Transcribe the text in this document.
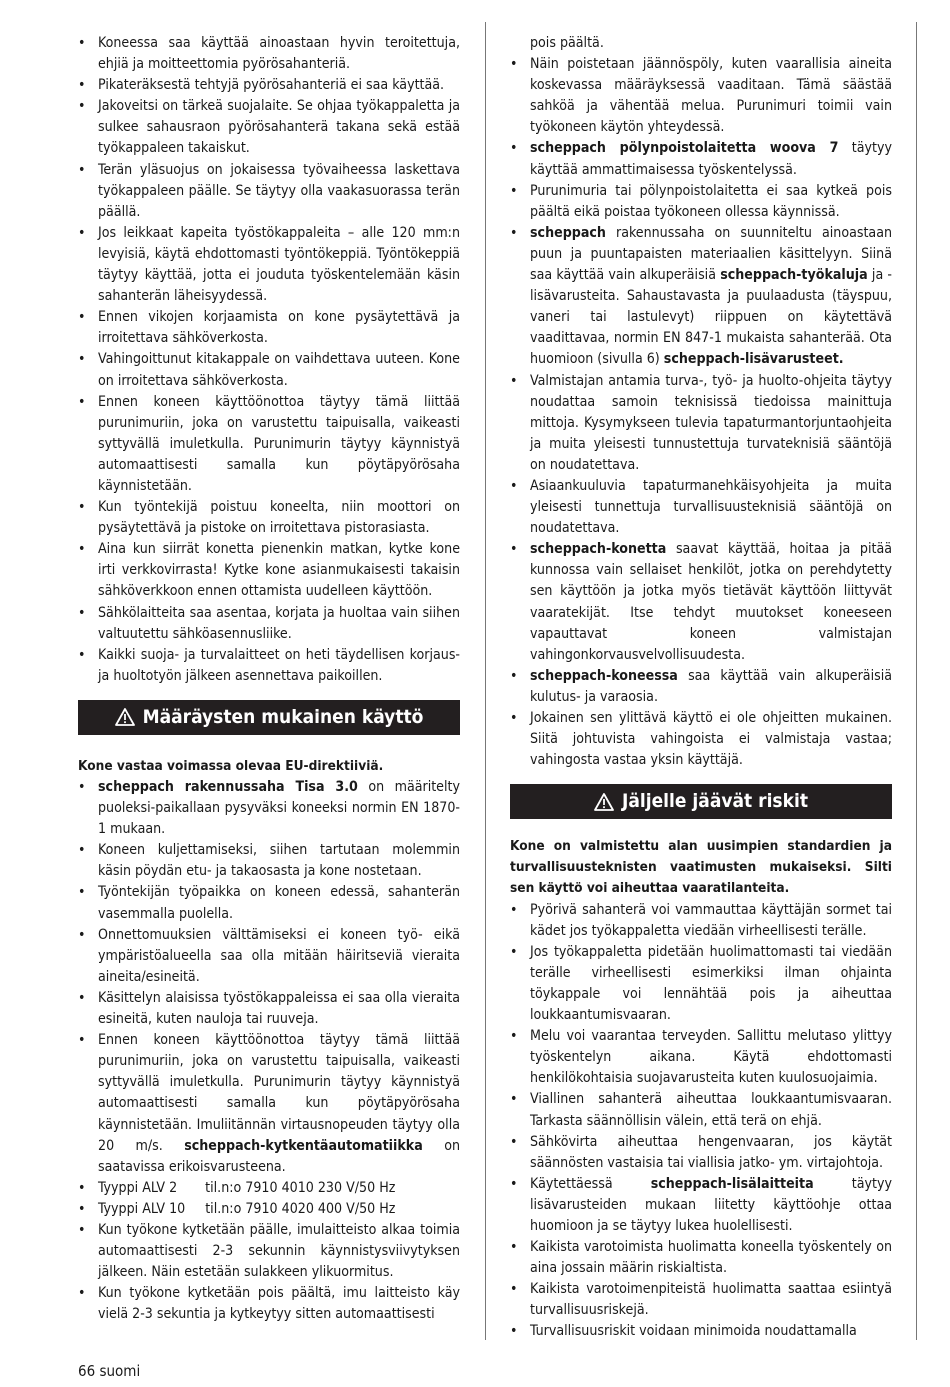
• Koneessa saa käyttää ainoastaan hyvin teroitettuja, ehjiä ja moitteettomia pyörösahanteriä.
• Pikateräksestä tehtyjä pyörösahanteriä ei saa käyttää.
• Jakoveitsi on tärkeä suojalaite. Se ohjaa työkappaletta ja sulkee sahausraon pyörösahanterä takana sekä estää työkappaleen takaiskut.
• Terän yläsuojus on jokaisessa työvaiheessa laskettava työkappaleen päälle. Se täytyy olla vaakasuorassa terän päällä.
• Jos leikkaat kapeita työstökappaleita – alle 120 mm:n levyisiä, käytä ehdottomasti työntökeppiä. Työntökeppiä täytyy käyttää, jotta ei jouduta työskentelemään käsin sahanterän läheisyydessä.
• Ennen vikojen korjaamista on kone pysäytettävä ja irroitettava sähköverkosta.
• Vahingoittunut kitakappale on vaihdettava uuteen. Kone on irroitettava sähköverkosta.
• Ennen koneen käyttöönottoa täytyy tämä liittää purunimuriin, joka on varustettu taipuisalla, vaikeasti syttyvällä imuletkulla. Purunimurin täytyy käynnistyä automaattisesti samalla kun pöytäpyörösaha käynnistetään.
• Kun työntekijä poistuu koneelta, niin moottori on pysäytettävä ja pistoke on irroitettava pistorasiasta.
• Aina kun siirrät konetta pienenkin matkan, kytke kone irti verkkovirrasta! Kytke kone asianmukaisesti takaisin sähköverkkoon ennen ottamista uudelleen käyttöön.
• Sähkölaitteita saa asentaa, korjata ja huoltaa vain siihen valtuutettu sähköasennusliike.
• Kaikki suoja- ja turvalaitteet on heti täydellisen korjaus- ja huoltotyön jälkeen asennettava paikoillen.
Määräysten mukainen käyttö
Kone vastaa voimassa olevaa EU-direktiiviä.
• scheppach rakennussaha Tisa 3.0 on määritelty puoleksi-paikallaan pysyväksi koneeksi normin EN 1870-1 mukaan.
• Koneen kuljettamiseksi, siihen tartutaan molemmin käsin pöydän etu- ja takaosasta ja kone nostetaan.
• Työntekijän työpaikka on koneen edessä, sahanterän vasemmalla puolella.
• Onnettomuuksien välttämiseksi ei koneen työ- eikä ympäristöalueella saa olla mitään häiritseviä vieraita aineita/esineitä.
• Käsittelyn alaisissa työstökappaleissa ei saa olla vieraita esineitä, kuten nauloja tai ruuveja.
• Ennen koneen käyttöönottoa täytyy tämä liittää purunimuriin, joka on varustettu taipuisalla, vaikeasti syttyvällä imuletkulla. Purunimurin täytyy käynnistyä automaattisesti samalla kun pöytäpyörösaha käynnistetään. Imuliitännän virtausnopeuden täytyy olla 20 m/s. scheppach-kytkentäautomatiikka on saatavissa erikoisvarusteena.
• Tyyppi ALV 2 til.n:o 7910 4010 230 V/50 Hz
• Tyyppi ALV 10 til.n:o 7910 4020 400 V/50 Hz
• Kun työkone kytketään päälle, imulaitteisto alkaa toimia automaattisesti 2-3 sekunnin käynnistysviivytyksen jälkeen. Näin estetään sulakkeen ylikuormitus.
• Kun työkone kytketään pois päältä, imu laitteisto käy vielä 2-3 sekuntia ja kytkeytyy sitten automaattisesti
pois päältä.
• Näin poistetaan jäännöspöly, kuten vaarallisia aineita koskevassa määräyksessä vaaditaan. Tämä säästää sahköä ja vähentää melua. Purunimuri toimii vain työkoneen käytön yhteydessä.
• scheppach pölynpoistolaitetta woova 7 täytyy käyttää ammattimaisessa työskentelyssä.
• Purunimuria tai pölynpoistolaitetta ei saa kytkeä pois päältä eikä poistaa työkoneen ollessa käynnissä.
• scheppach rakennussaha on suunniteltu ainoastaan puun ja puuntapaisten materiaalien käsittelyyn. Siinä saa käyttää vain alkuperäisiä scheppach-työkaluja ja -lisävarusteita. Sahaustavasta ja puulaadusta (täyspuu, vaneri tai lastulevyt) riippuen on käytettävä vaadittavaa, normin EN 847-1 mukaista sahanterää. Ota huomioon (sivulla 6) scheppach-lisävarusteet.
• Valmistajan antamia turva-, työ- ja huolto-ohjeita täytyy noudattaa samoin teknisissä tiedoissa mainittuja mittoja. Kysymykseen tulevia tapaturmantorjuntaohjeita ja muita yleisesti tunnustettuja turvateknisiä sääntöjä on noudatettava.
• Asiaankuuluvia tapaturmanehkäisyohjeita ja muita yleisesti tunnettuja turvallisuusteknisiä sääntöjä on noudatettava.
• scheppach-konetta saavat käyttää, hoitaa ja pitää kunnossa vain sellaiset henkilöt, jotka on perehdytetty sen käyttöön ja jotka myös tietävät käyttöön liittyvät vaaratekijät. Itse tehdyt muutokset koneeseen vapauttavat koneen valmistajan vahingonkorvausvelvollisuudesta.
• scheppach-koneessa saa käyttää vain alkuperäisiä kulutus- ja varaosia.
• Jokainen sen ylittävä käyttö ei ole ohjeitten mukainen. Siitä johtuvista vahingoista ei valmistaja vastaa; vahingosta vastaa yksin käyttäjä.
Jäljelle jäävät riskit
Kone on valmistettu alan uusimpien standardien ja turvallisuusteknisten vaatimusten mukaiseksi. Silti sen käyttö voi aiheuttaa vaaratilanteita.
• Pyörivä sahanterä voi vammauttaa käyttäjän sormet tai kädet jos työkappaletta viedään virheellisesti terälle.
• Jos työkappaletta pidetään huolimattomasti tai viedään terälle virheellisesti esimerkiksi ilman ohjainta töykappale voi lennähtää pois ja aiheuttaa loukkaantumisvaaran.
• Melu voi vaarantaa terveyden. Sallittu melutaso ylittyy työskentelyn aikana. Käytä ehdottomasti henkilökohtaisia suojavarusteita kuten kuulosuojaimia.
• Viallinen sahanterä aiheuttaa loukkaantumisvaaran. Tarkasta säännöllisin välein, että terä on ehjä.
• Sähkövirta aiheuttaa hengenvaaran, jos käytät säännösten vastaisia tai viallisia jatko- ym. virtajohtoja.
• Käytettäessä scheppach-lisälaitteita täytyy lisävarusteiden mukaan liitetty käyttöohje ottaa huomioon ja se täytyy lukea huolellisesti.
• Kaikista varotoimista huolimatta koneella työskentely on aina jossain määrin riskialtista.
• Kaikista varotoimenpiteistä huolimatta saattaa esiintyä turvallisuusriskejä.
• Turvallisuusriskit voidaan minimoida noudattamalla
66 suomi
